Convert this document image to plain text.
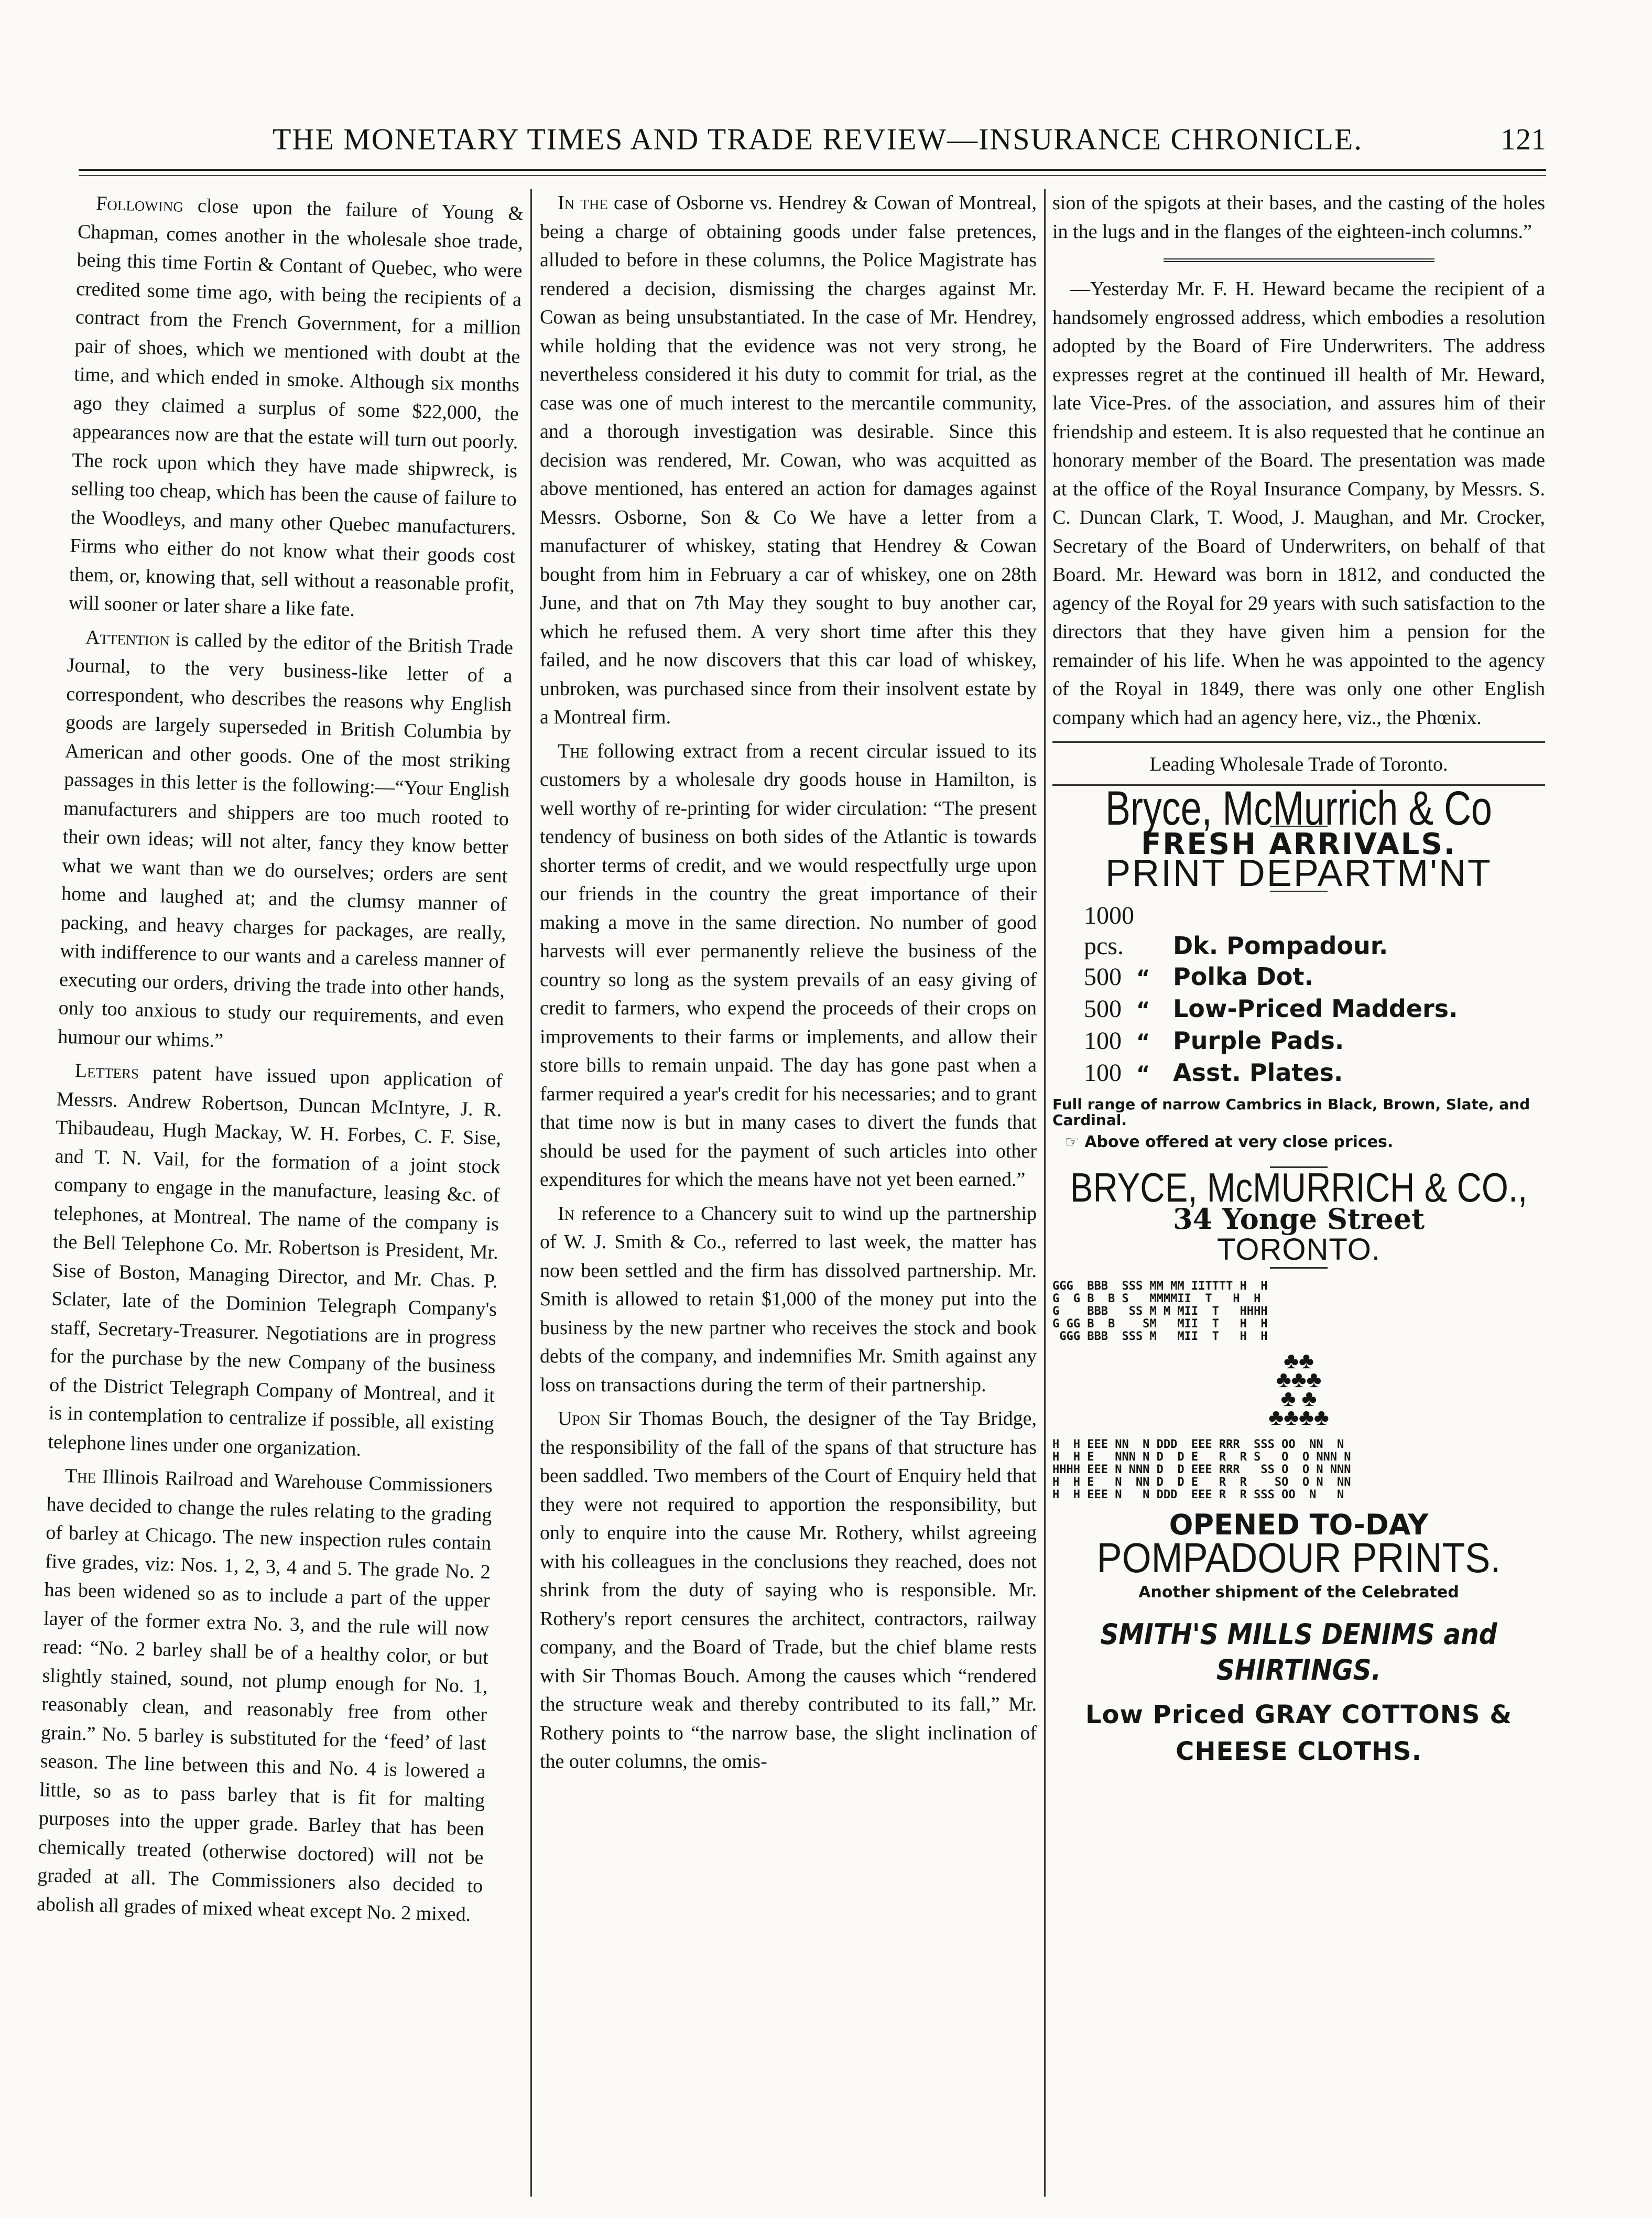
THE MONETARY TIMES AND TRADE REVIEW—INSURANCE CHRONICLE.	121

Following close upon the failure of Young & Chapman, comes another in the wholesale shoe trade, being this time Fortin & Contant of Quebec, who were credited some time ago, with being the recipients of a contract from the French Government, for a million pair of shoes, which we mentioned with doubt at the time, and which ended in smoke. Although six months ago they claimed a surplus of some $22,000, the appearances now are that the estate will turn out poorly. The rock upon which they have made shipwreck, is selling too cheap, which has been the cause of failure to the Woodleys, and many other Quebec manufacturers. Firms who either do not know what their goods cost them, or, knowing that, sell without a reasonable profit, will sooner or later share a like fate.

Attention is called by the editor of the British Trade Journal, to the very business-like letter of a correspondent, who describes the reasons why English goods are largely superseded in British Columbia by American and other goods. One of the most striking passages in this letter is the following:—“Your English manufacturers and shippers are too much rooted to their own ideas; will not alter, fancy they know better what we want than we do ourselves; orders are sent home and laughed at; and the clumsy manner of packing, and heavy charges for packages, are really, with indifference to our wants and a careless manner of executing our orders, driving the trade into other hands, only too anxious to study our requirements, and even humour our whims.”

Letters patent have issued upon application of Messrs. Andrew Robertson, Duncan McIntyre, J. R. Thibaudeau, Hugh Mackay, W. H. Forbes, C. F. Sise, and T. N. Vail, for the formation of a joint stock company to engage in the manufacture, leasing &c. of telephones, at Montreal. The name of the company is the Bell Telephone Co. Mr. Robertson is President, Mr. Sise of Boston, Managing Director, and Mr. Chas. P. Sclater, late of the Dominion Telegraph Company's staff, Secretary-Treasurer. Negotiations are in progress for the purchase by the new Company of the business of the District Telegraph Company of Montreal, and it is in contemplation to centralize if possible, all existing telephone lines under one organization.

The Illinois Railroad and Warehouse Commissioners have decided to change the rules relating to the grading of barley at Chicago. The new inspection rules contain five grades, viz: Nos. 1, 2, 3, 4 and 5. The grade No. 2 has been widened so as to include a part of the upper layer of the former extra No. 3, and the rule will now read: “No. 2 barley shall be of a healthy color, or but slightly stained, sound, not plump enough for No. 1, reasonably clean, and reasonably free from other grain.” No. 5 barley is substituted for the ‘feed’ of last season. The line between this and No. 4 is lowered a little, so as to pass barley that is fit for malting purposes into the upper grade. Barley that has been chemically treated (otherwise doctored) will not be graded at all. The Commissioners also decided to abolish all grades of mixed wheat except No. 2 mixed.

In the case of Osborne vs. Hendrey & Cowan of Montreal, being a charge of obtaining goods under false pretences, alluded to before in these columns, the Police Magistrate has rendered a decision, dismissing the charges against Mr. Cowan as being unsubstantiated. In the case of Mr. Hendrey, while holding that the evidence was not very strong, he nevertheless considered it his duty to commit for trial, as the case was one of much interest to the mercantile community, and a thorough investigation was desirable. Since this decision was rendered, Mr. Cowan, who was acquitted as above mentioned, has entered an action for damages against Messrs. Osborne, Son & Co We have a letter from a manufacturer of whiskey, stating that Hendrey & Cowan bought from him in February a car of whiskey, one on 28th June, and that on 7th May they sought to buy another car, which he refused them. A very short time after this they failed, and he now discovers that this car load of whiskey, unbroken, was purchased since from their insolvent estate by a Montreal firm.

The following extract from a recent circular issued to its customers by a wholesale dry goods house in Hamilton, is well worthy of re-printing for wider circulation: “The present tendency of business on both sides of the Atlantic is towards shorter terms of credit, and we would respectfully urge upon our friends in the country the great importance of their making a move in the same direction. No number of good harvests will ever permanently relieve the business of the country so long as the system prevails of an easy giving of credit to farmers, who expend the proceeds of their crops on improvements to their farms or implements, and allow their store bills to remain unpaid. The day has gone past when a farmer required a year's credit for his necessaries; and to grant that time now is but in many cases to divert the funds that should be used for the payment of such articles into other expenditures for which the means have not yet been earned.”

In reference to a Chancery suit to wind up the partnership of W. J. Smith & Co., referred to last week, the matter has now been settled and the firm has dissolved partnership. Mr. Smith is allowed to retain $1,000 of the money put into the business by the new partner who receives the stock and book debts of the company, and indemnifies Mr. Smith against any loss on transactions during the term of their partnership.

Upon Sir Thomas Bouch, the designer of the Tay Bridge, the responsibility of the fall of the spans of that structure has been saddled. Two members of the Court of Enquiry held that they were not required to apportion the responsibility, but only to enquire into the cause Mr. Rothery, whilst agreeing with his colleagues in the conclusions they reached, does not shrink from the duty of saying who is responsible. Mr. Rothery's report censures the architect, contractors, railway company, and the Board of Trade, but the chief blame rests with Sir Thomas Bouch. Among the causes which “rendered the structure weak and thereby contributed to its fall,” Mr. Rothery points to “the narrow base, the slight inclination of the outer columns, the omis-

sion of the spigots at their bases, and the casting of the holes in the lugs and in the flanges of the eighteen-inch columns.”

—Yesterday Mr. F. H. Heward became the recipient of a handsomely engrossed address, which embodies a resolution adopted by the Board of Fire Underwriters. The address expresses regret at the continued ill health of Mr. Heward, late Vice-Pres. of the association, and assures him of their friendship and esteem. It is also requested that he continue an honorary member of the Board. The presentation was made at the office of the Royal Insurance Company, by Messrs. S. C. Duncan Clark, T. Wood, J. Maughan, and Mr. Crocker, Secretary of the Board of Underwriters, on behalf of that Board. Mr. Heward was born in 1812, and conducted the agency of the Royal for 29 years with such satisfaction to the directors that they have given him a pension for the remainder of his life. When he was appointed to the agency of the Royal in 1849, there was only one other English company which had an agency here, viz., the Phœnix.

Leading Wholesale Trade of Toronto.
Bryce, McMurrich & Co
FRESH ARRIVALS.
PRINT DEPARTM'NT
1000 pcs. Dk. Pompadour.
500 “ Polka Dot.
500 “ Low-Priced Madders.
100 “ Purple Pads.
100 “ Asst. Plates.
Full range of narrow Cambrics in Black, Brown, Slate, and Cardinal.
☞ Above offered at very close prices.
BRYCE, McMURRICH & CO.,
34 Yonge Street
TORONTO.
GGG  BBB  SSS MM MM IITTTT H  H
G  G B  B S   MMMMII  T   H  H
G    BBB   SS M M MII  T   HHHH
G GG B  B    SM   MII  T   H  H
GGG BBB  SSS M   MII  T   H  H
♣♣
♣♣♣
♣ ♣
♣♣♣♣
H  H EEE NN  N DDD  EEE RRR  SSS OO  NN  N
H  H E   NNN N D  D E   R  R S   O  O NNN N
HHHH EEE N NNN D  D EEE RRR   SS O  O N NNN
H  H E   N  NN D  D E   R  R    SO  O N  NN
H  H EEE N   N DDD  EEE R  R SSS OO  N   N
OPENED TO-DAY
POMPADOUR PRINTS.
Another shipment of the Celebrated
SMITH'S MILLS DENIMS and SHIRTINGS.
Low Priced GRAY COTTONS & CHEESE CLOTHS.
